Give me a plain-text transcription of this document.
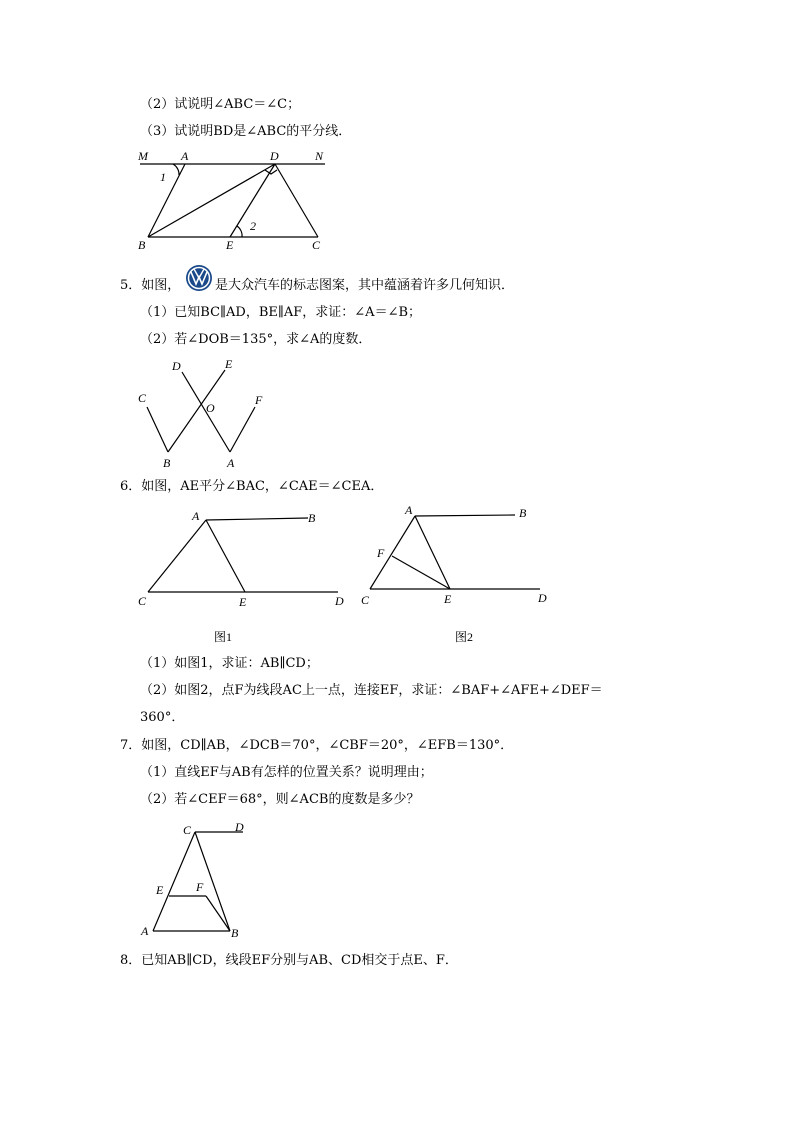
（2）试说明∠ABC＝∠C；
（3）试说明BD是∠ABC的平分线．
M	A	D	N
1
B	E
2
C
5．如图，	是大众汽车的标志图案，其中蕴涵着许多几何知识．
（1）已知BC∥AD，BE∥AF，求证：∠A＝∠B；
（2）若∠DOB＝135°，求∠A的度数．
D	E
C
O
F
B	A
6．如图，AE平分∠BAC，∠CAE＝∠CEA．
A	B
C	E	D
A	B
F
C	E	D
图1	图2
（1）如图1，求证：AB∥CD；
（2）如图2，点F为线段AC上一点，连接EF，求证：∠BAF+∠AFE+∠DEF＝
360°．
7．如图，CD∥AB，∠DCB＝70°，∠CBF＝20°，∠EFB＝130°．
（1）直线EF与AB有怎样的位置关系？说明理由；
（2）若∠CEF＝68°，则∠ACB的度数是多少？
C	D
E	F
A	B
8．已知AB∥CD，线段EF分别与AB、CD相交于点E、F．
